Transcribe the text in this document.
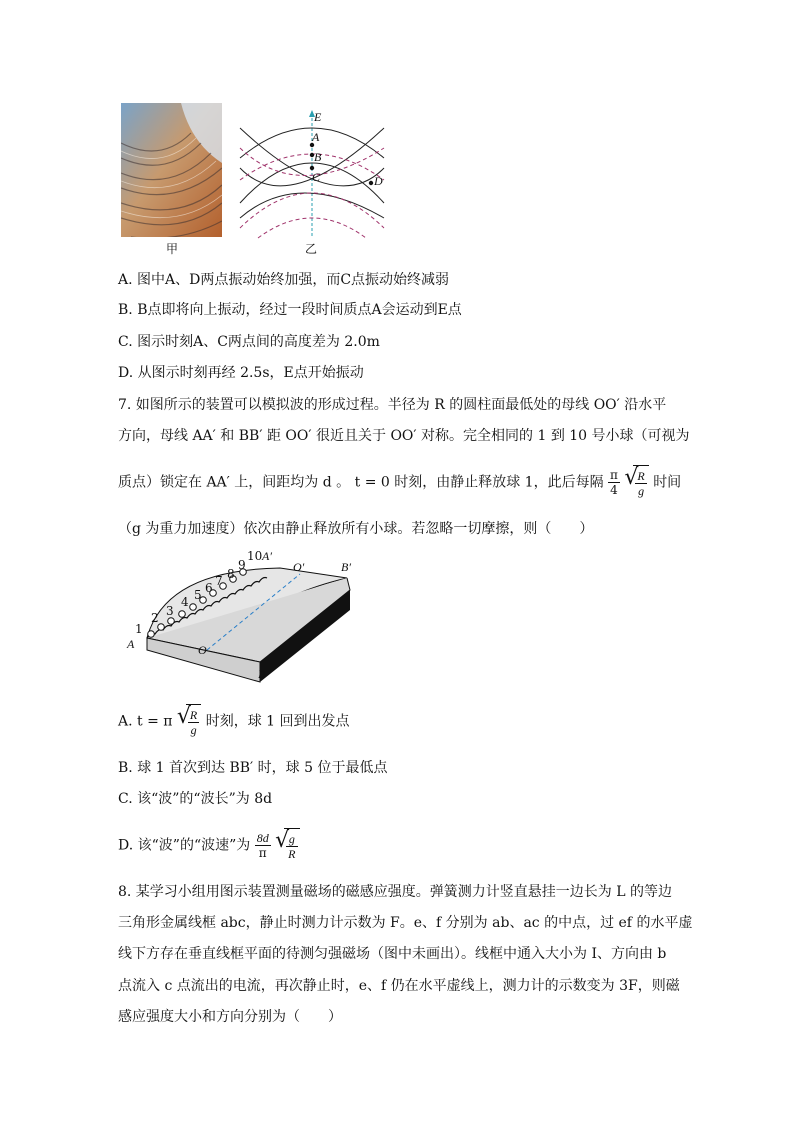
甲
E
A
B
C	D
乙
A. 图中A、D两点振动始终加强，而C点振动始终减弱
B. B点即将向上振动，经过一段时间质点A会运动到E点
C. 图示时刻A、C两点间的高度差为 2.0m
D. 从图示时刻再经 2.5s，E点开始振动
7. 如图所示的装置可以模拟波的形成过程。半径为 R 的圆柱面最低处的母线 OO′ 沿水平
方向，母线 AA′ 和 BB′ 距 OO′ 很近且关于 OO′ 对称。完全相同的 1 到 10 号小球（可视为
质点）锁定在 AA′ 上，间距均为 d 。 t = 0 时刻，由静止释放球 1，此后每隔 $\frac{\pi}{4}$
√
$\frac{R}{g}$ 时间
（g 为重力加速度）依次由静止释放所有小球。若忽略一切摩擦，则（　　）
1
2 3
4 5 6 7 8
9
10
A
A′
O
O′
B
B′
A. t = π √
$\frac{R}{g}$ 时刻，球 1 回到出发点
B. 球 1 首次到达 BB′ 时，球 5 位于最低点
C. 该“波”的“波长”为 8d
D. 该“波”的“波速”为 $\frac{8d}{\pi}$
√
$\frac{g}{R}$
8. 某学习小组用图示装置测量磁场的磁感应强度。弹簧测力计竖直悬挂一边长为 L 的等边
三角形金属线框 abc，静止时测力计示数为 F。e、f 分别为 ab、ac 的中点，过 ef 的水平虚
线下方存在垂直线框平面的待测匀强磁场（图中未画出）。线框中通入大小为 I、方向由 b
点流入 c 点流出的电流，再次静止时，e、f 仍在水平虚线上，测力计的示数变为 3F，则磁
感应强度大小和方向分别为（　　）
